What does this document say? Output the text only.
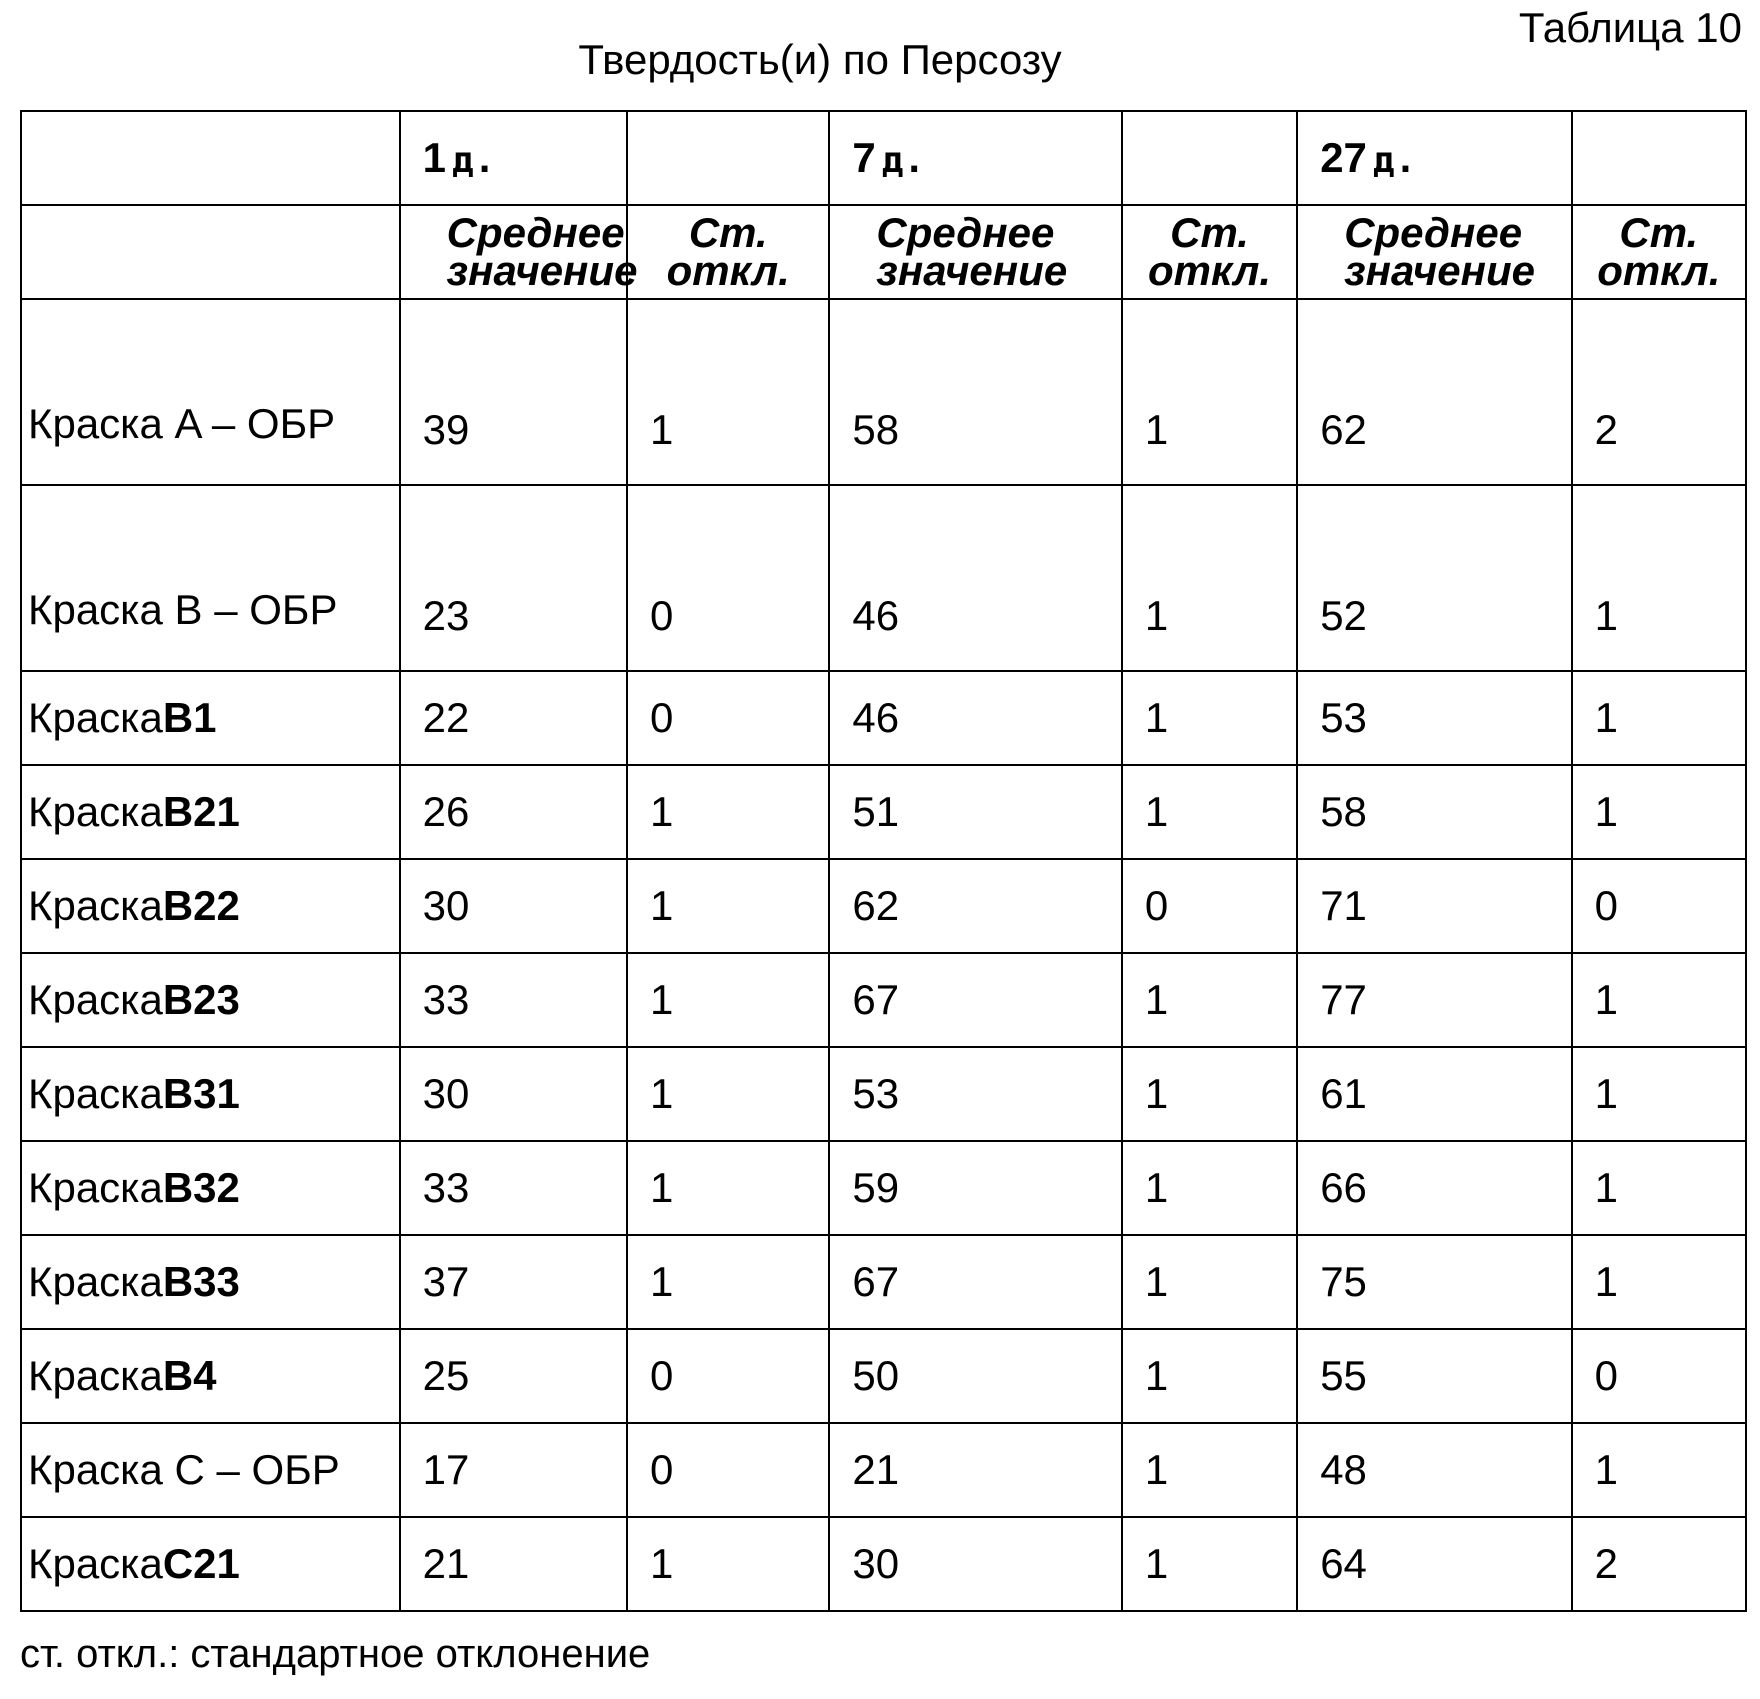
Таблица 10
Твердость(и) по Персозу
	1 д.		7 д.		27 д.	
	Среднее значение	Ст. откл.	Среднее значение	Ст. откл.	Среднее значение	Ст. откл.
Краска A – ОБР	39	1	58	1	62	2
Краска B – ОБР	23	0	46	1	52	1
КраскаB1	22	0	46	1	53	1
КраскаB21	26	1	51	1	58	1
КраскаB22	30	1	62	0	71	0
КраскаB23	33	1	67	1	77	1
КраскаB31	30	1	53	1	61	1
КраскаB32	33	1	59	1	66	1
КраскаB33	37	1	67	1	75	1
КраскаB4	25	0	50	1	55	0
Краска C – ОБР	17	0	21	1	48	1
КраскаC21	21	1	30	1	64	2
ст. откл.: стандартное отклонение
